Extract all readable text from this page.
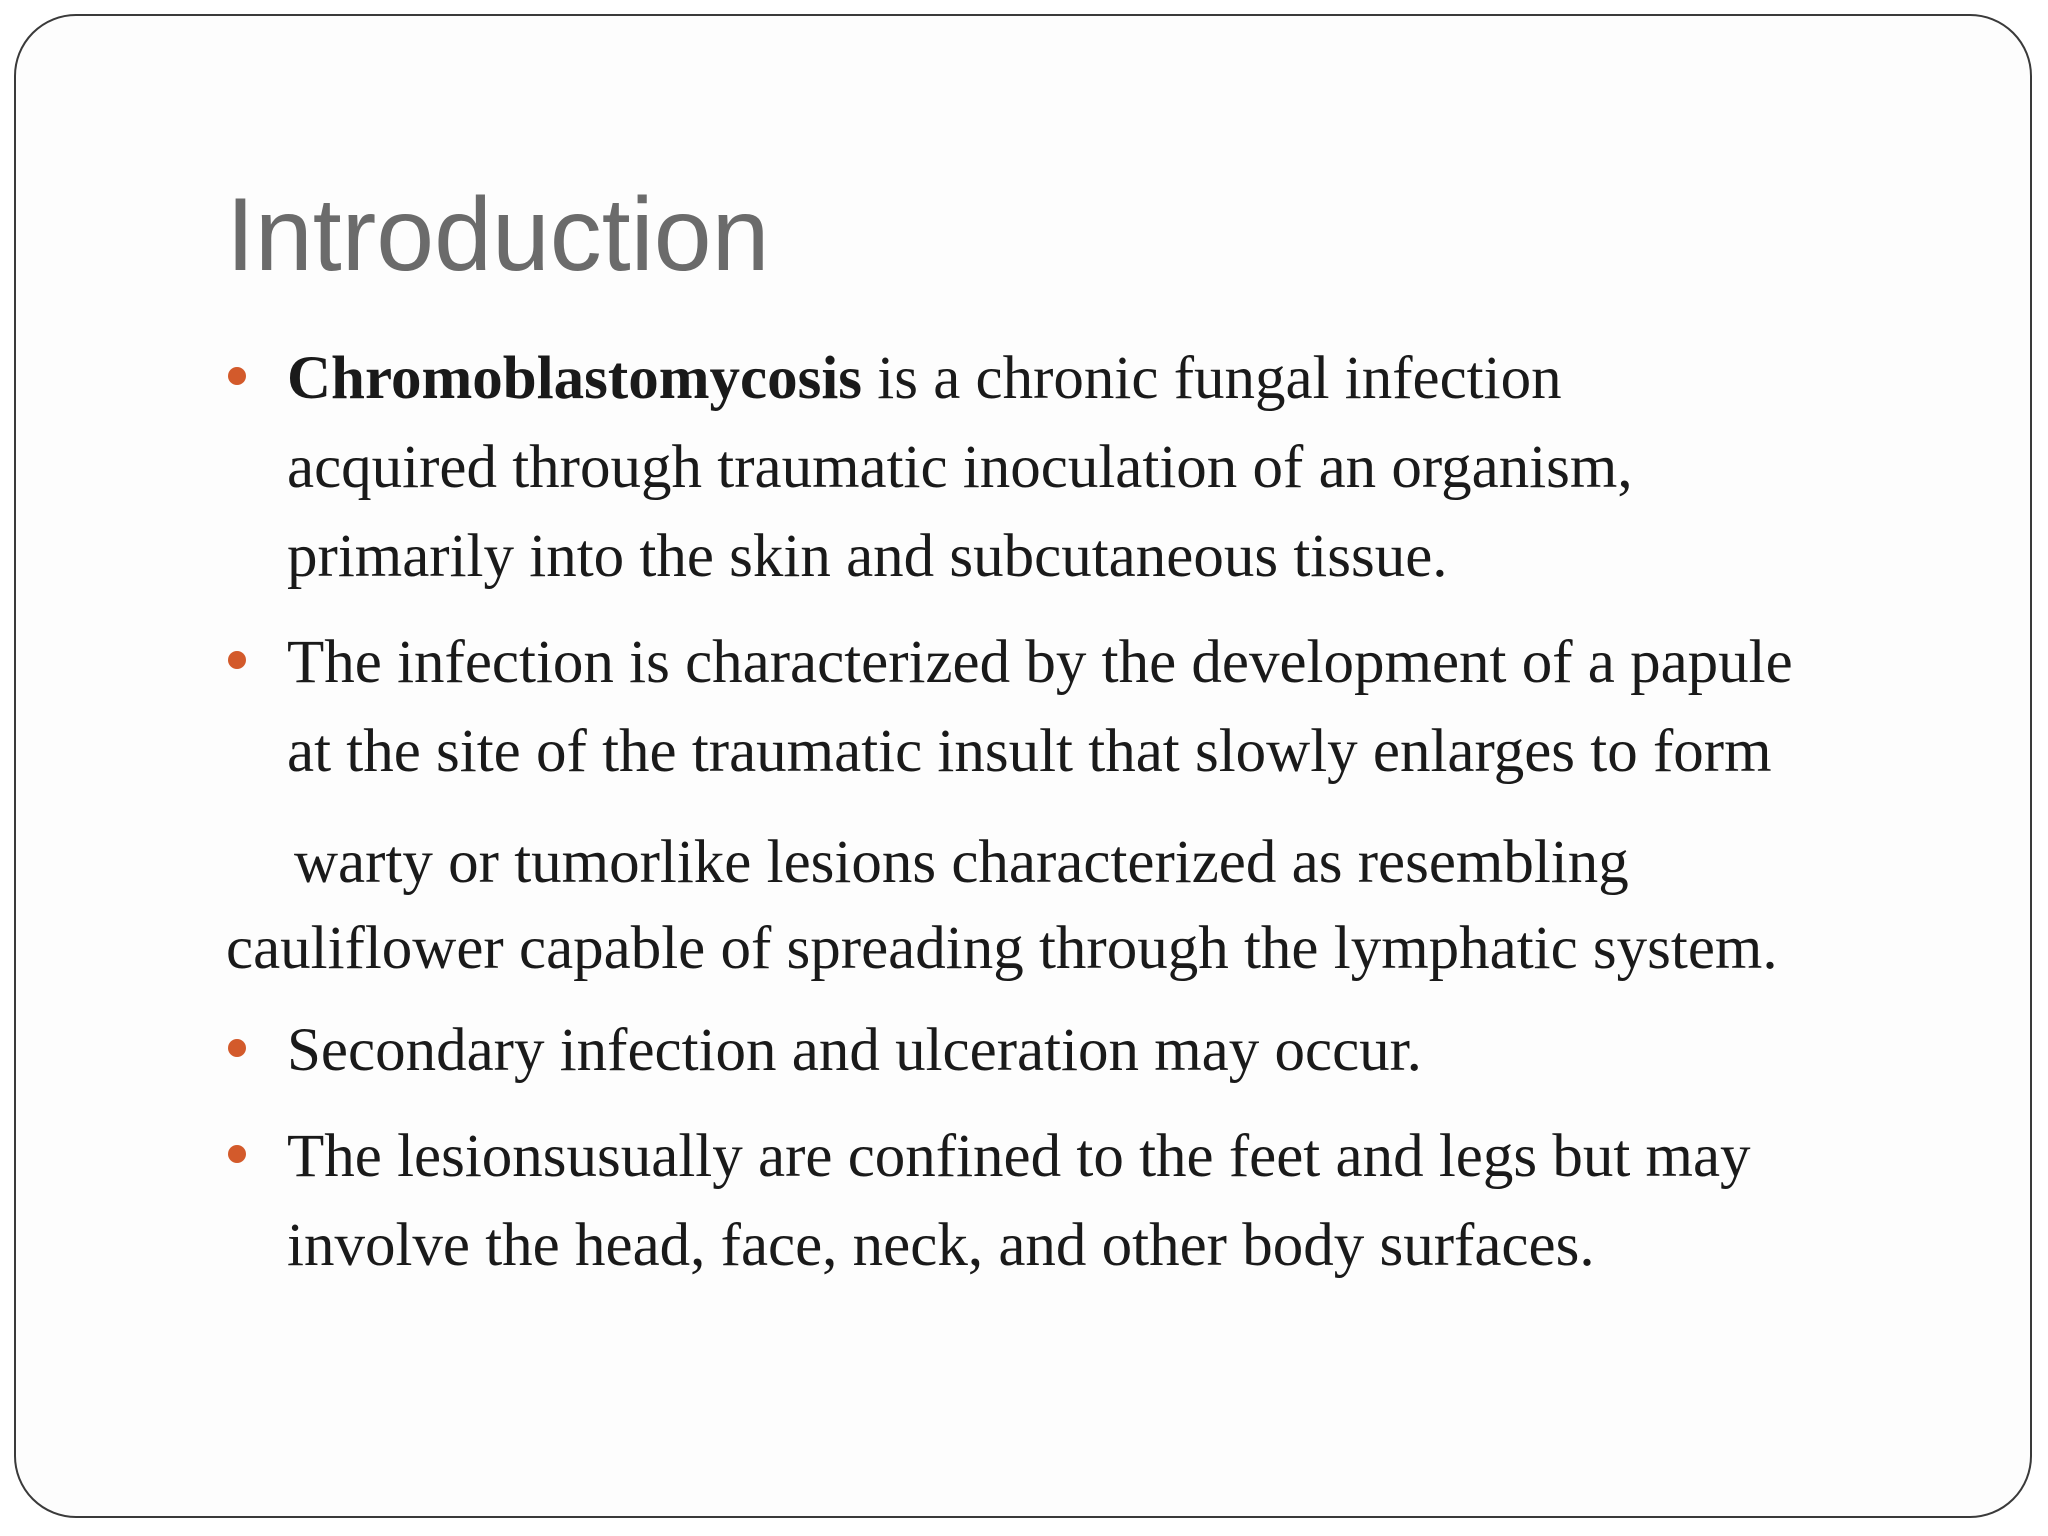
Introduction
Chromoblastomycosis is a chronic fungal infection
acquired through traumatic inoculation of an organism,
primarily into the skin and subcutaneous tissue.
The infection is characterized by the development of a papule
at the site of the traumatic insult that slowly enlarges to form
warty or tumorlike lesions characterized as resembling
cauliflower capable of spreading through the lymphatic system.
Secondary infection and ulceration may occur.
The lesionsusually are confined to the feet and legs but may
involve the head, face, neck, and other body surfaces.
